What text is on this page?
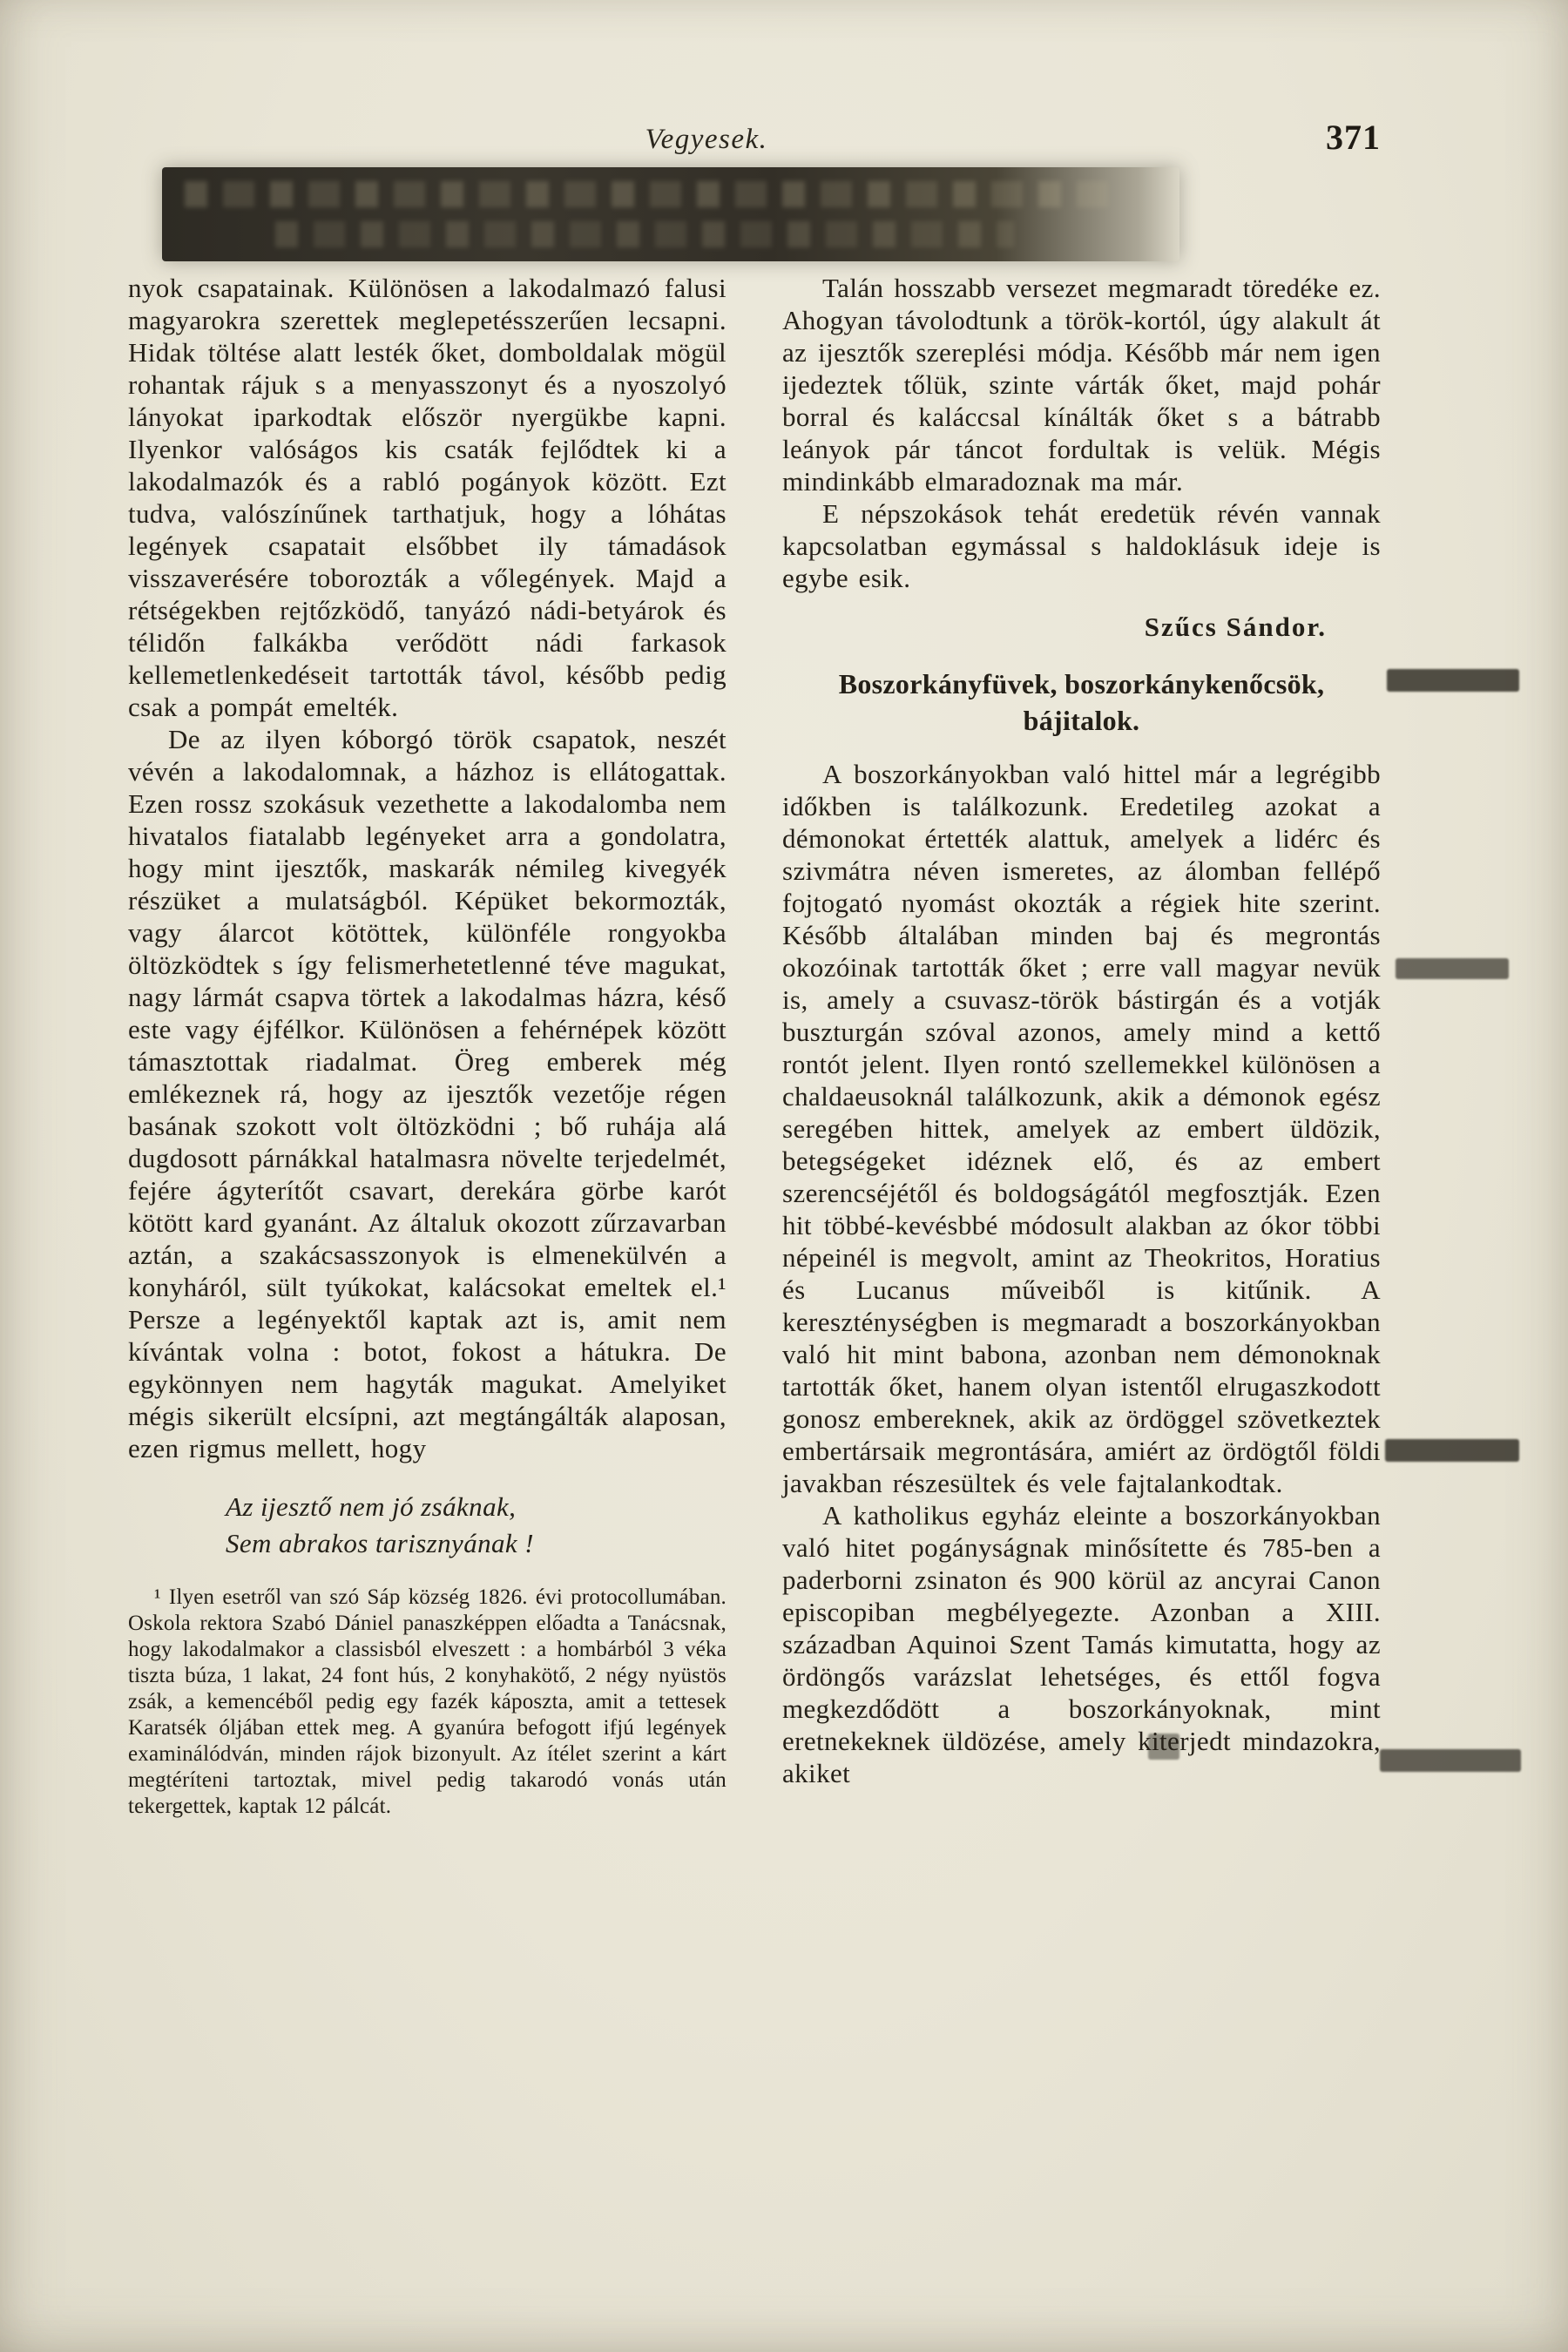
Vegyesek.	371

nyok csapatainak. Különösen a lakodalmazó falusi magyarokra szerettek meglepetésszerűen lecsapni. Hidak töltése alatt lesték őket, domboldalak mögül rohantak rájuk s a menyasszonyt és a nyoszolyó lányokat iparkodtak először nyergükbe kapni. Ilyenkor valóságos kis csaták fejlődtek ki a lakodalmazók és a rabló pogányok között. Ezt tudva, valószínűnek tarthatjuk, hogy a lóhátas legények csapatait elsőbbet ily támadások visszaverésére toborozták a vőlegények. Majd a rétségekben rejtőzködő, tanyázó nádi-betyárok és télidőn falkákba verődött nádi farkasok kellemetlenkedéseit tartották távol, később pedig csak a pompát emelték.

De az ilyen kóborgó török csapatok, neszét vévén a lakodalomnak, a házhoz is ellátogattak. Ezen rossz szokásuk vezethette a lakodalomba nem hivatalos fiatalabb legényeket arra a gondolatra, hogy mint ijesztők, maskarák némileg kivegyék részüket a mulatságból. Képüket bekormozták, vagy álarcot kötöttek, különféle rongyokba öltözködtek s így felismerhetetlenné téve magukat, nagy lármát csapva törtek a lakodalmas házra, késő este vagy éjfélkor. Különösen a fehérnépek között támasztottak riadalmat. Öreg emberek még emlékeznek rá, hogy az ijesztők vezetője régen basának szokott volt öltözködni ; bő ruhája alá dugdosott párnákkal hatalmasra növelte terjedelmét, fejére ágyterítőt csavart, derekára görbe karót kötött kard gyanánt. Az általuk okozott zűrzavarban aztán, a szakácsasszonyok is elmenekülvén a konyháról, sült tyúkokat, kalácsokat emeltek el.¹ Persze a legényektől kaptak azt is, amit nem kívántak volna : botot, fokost a hátukra. De egykönnyen nem hagyták magukat. Amelyiket mégis sikerült elcsípni, azt megtángálták alaposan, ezen rigmus mellett, hogy

Az ijesztő nem jó zsáknak,

Sem abrakos tarisznyának !

¹ Ilyen esetről van szó Sáp község 1826. évi protocollumában. Oskola rektora Szabó Dániel panaszképpen előadta a Tanácsnak, hogy lakodalmakor a classisból elveszett : a hombárból 3 véka tiszta búza, 1 lakat, 24 font hús, 2 konyhakötő, 2 négy nyüstös zsák, a kemencéből pedig egy fazék káposzta, amit a tettesek Karatsék óljában ettek meg. A gyanúra befogott ifjú legények examinálódván, minden rájok bizonyult. Az ítélet szerint a kárt megtéríteni tartoztak, mivel pedig takarodó vonás után tekergettek, kaptak 12 pálcát.

Talán hosszabb versezet megmaradt töredéke ez. Ahogyan távolodtunk a török-kortól, úgy alakult át az ijesztők szereplési módja. Később már nem igen ijedeztek tőlük, szinte várták őket, majd pohár borral és kaláccsal kínálták őket s a bátrabb leányok pár táncot fordultak is velük. Mégis mindinkább elmaradoznak ma már.

E népszokások tehát eredetük révén vannak kapcsolatban egymással s haldoklásuk ideje is egybe esik.

Szűcs Sándor.

Boszorkányfüvek, boszorkánykenőcsök,
bájitalok.

A boszorkányokban való hittel már a legrégibb időkben is találkozunk. Eredetileg azokat a démonokat értették alattuk, amelyek a lidérc és szivmátra néven ismeretes, az álomban fellépő fojtogató nyomást okozták a régiek hite szerint. Később általában minden baj és megrontás okozóinak tartották őket ; erre vall magyar nevük is, amely a csuvasz-török bástirgán és a votják buszturgán szóval azonos, amely mind a kettő rontót jelent. Ilyen rontó szellemekkel különösen a chaldaeusoknál találkozunk, akik a démonok egész seregében hittek, amelyek az embert üldözik, betegségeket idéznek elő, és az embert szerencséjétől és boldogságától megfosztják. Ezen hit többé-kevésbbé módosult alakban az ókor többi népeinél is megvolt, amint az Theokritos, Horatius és Lucanus műveiből is kitűnik. A kereszténységben is megmaradt a boszorkányokban való hit mint babona, azonban nem démonoknak tartották őket, hanem olyan istentől elrugaszkodott gonosz embereknek, akik az ördöggel szövetkeztek embertársaik megrontására, amiért az ördögtől földi javakban részesültek és vele fajtalankodtak.

A katholikus egyház eleinte a boszorkányokban való hitet pogányságnak minősítette és 785-ben a paderborni zsinaton és 900 körül az ancyrai Canon episcopiban megbélyegezte. Azonban a XIII. században Aquinoi Szent Tamás kimutatta, hogy az ördöngős varázslat lehetséges, és ettől fogva megkezdődött a boszorkányoknak, mint eretnekeknek üldözése, amely kiterjedt mindazokra, akiket
